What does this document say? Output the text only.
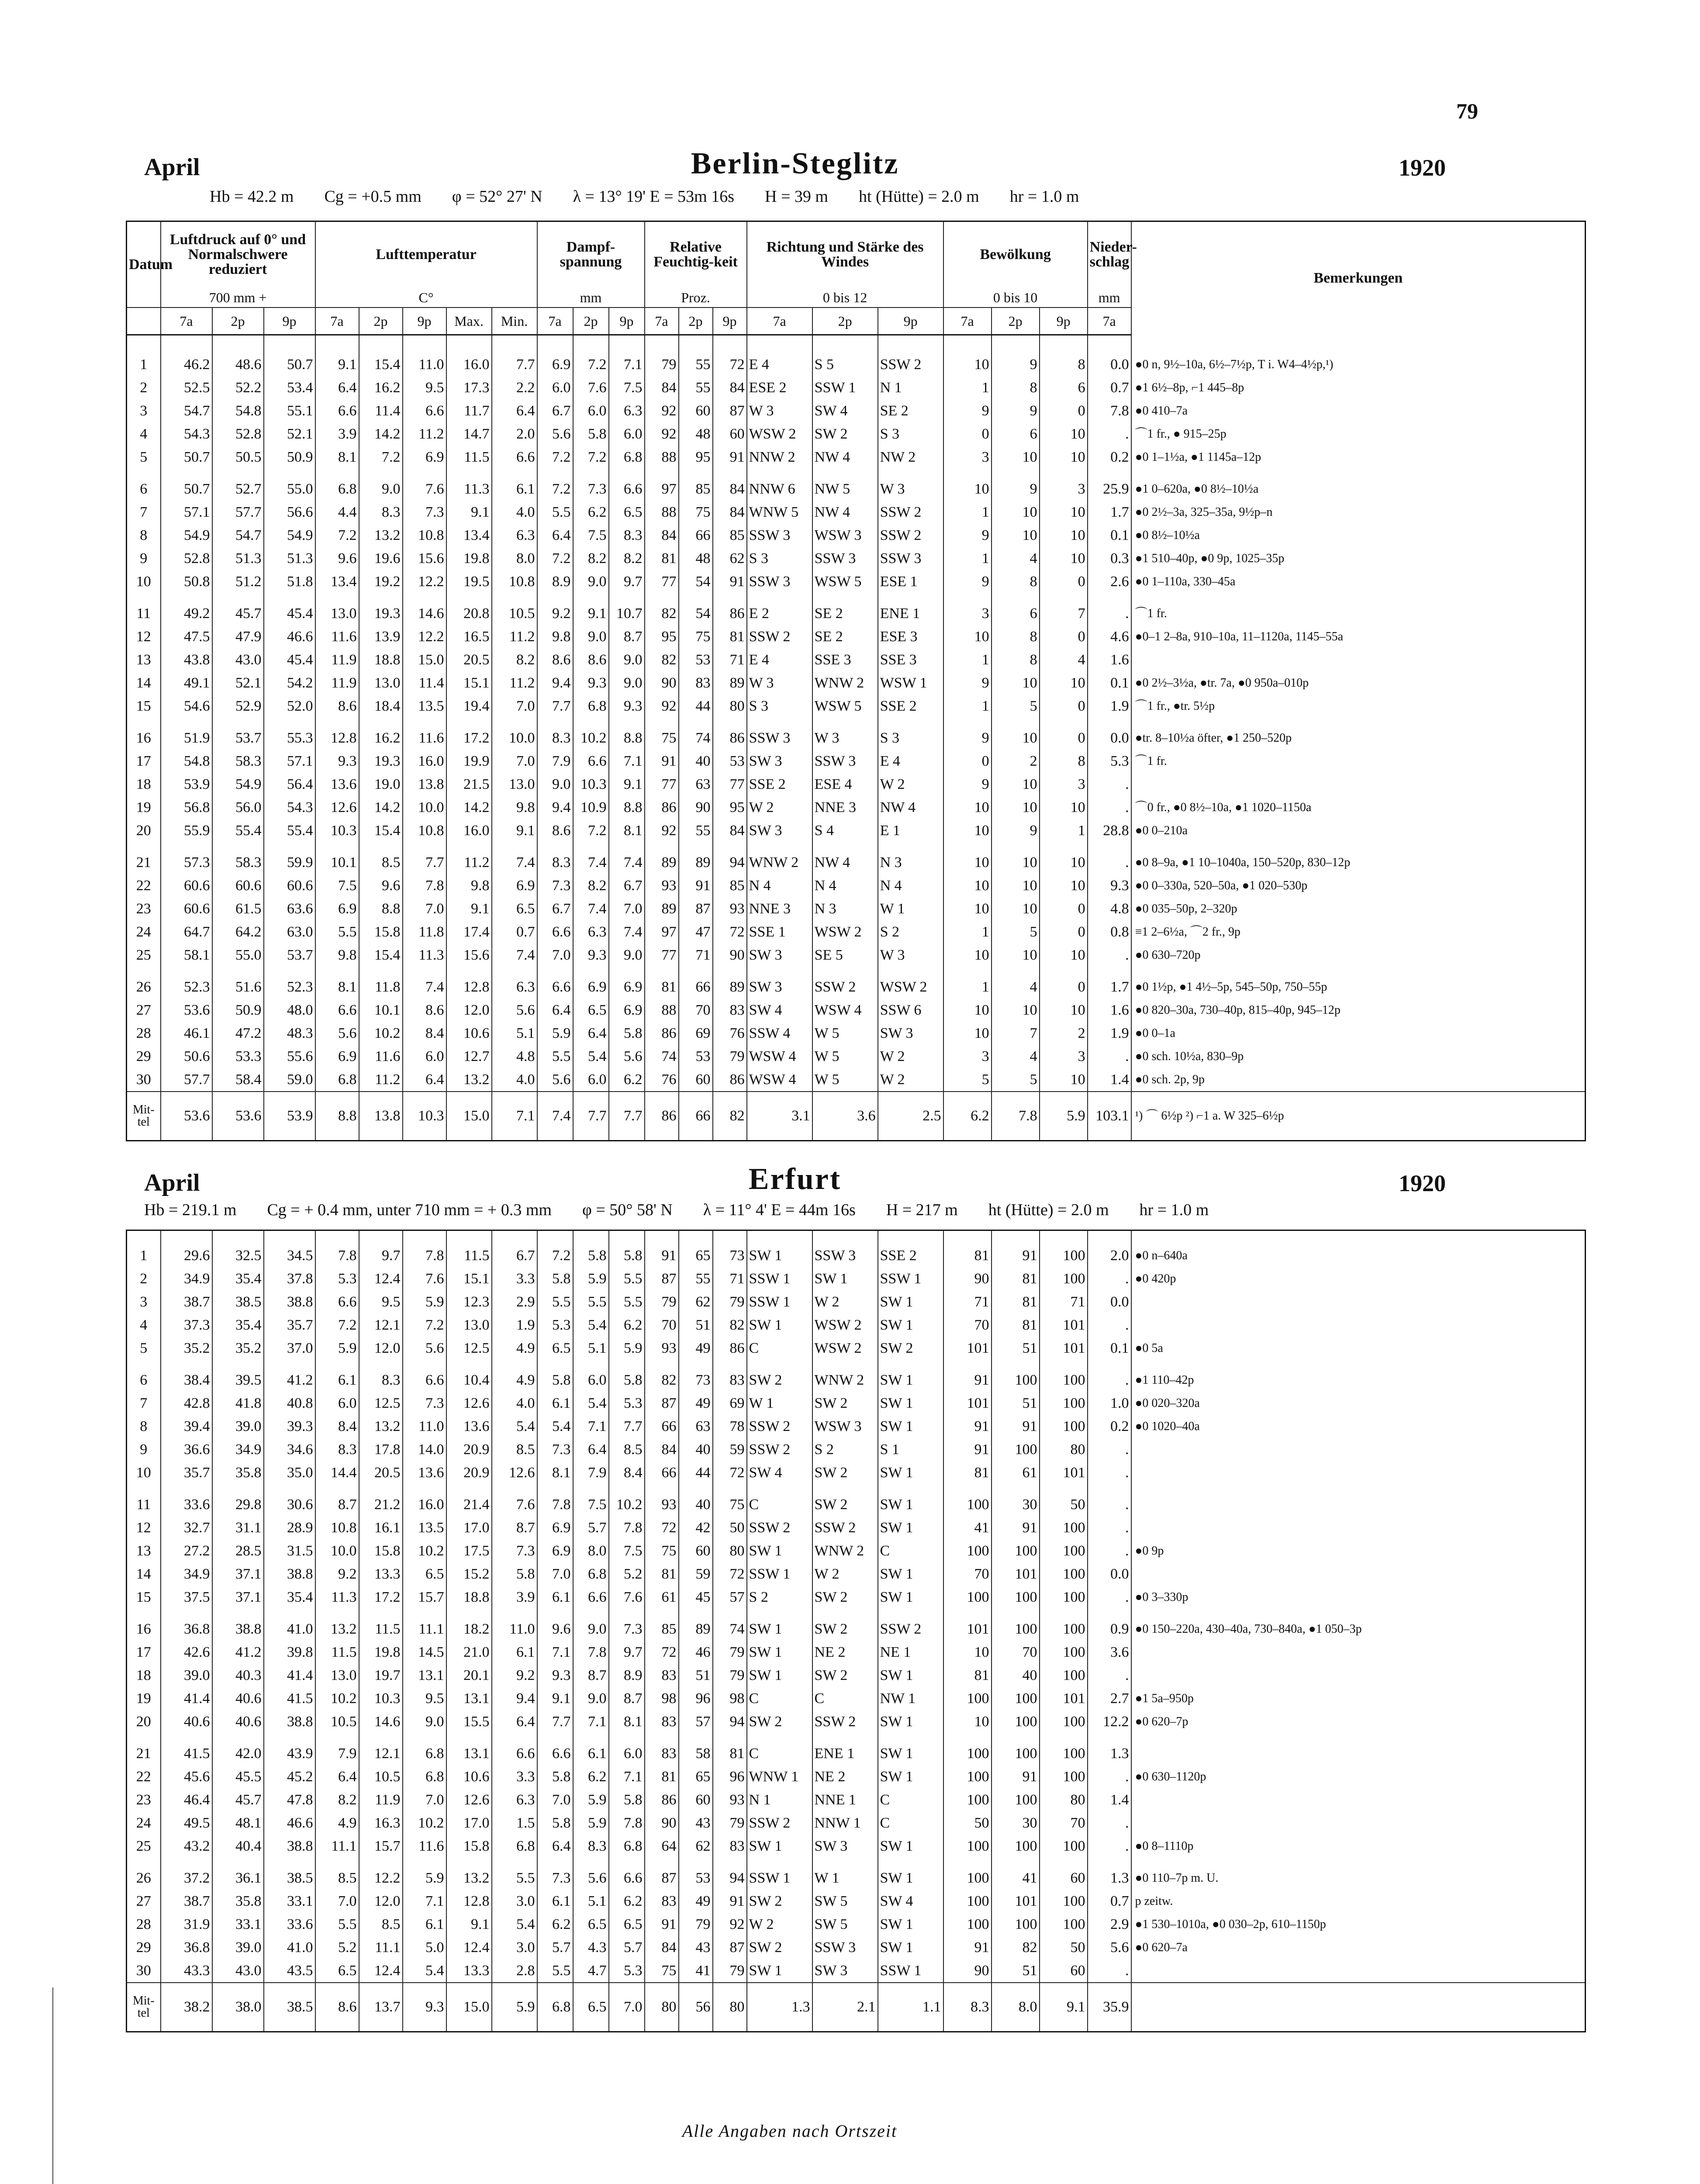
79
April	Berlin-Steglitz	1920
Hb = 42.2 m Cg = +0.5 mm φ = 52° 27' N λ = 13° 19' E = 53m 16s H = 39 m ht (Hütte) = 2.0 m hr = 1.0 m
Datum	Luftdruck auf 0° und Normalschwere reduziert			Lufttemperatur					Dampf-spannung			Relative Feuchtig-keit			Richtung und Stärke des Windes			Bewölkung			Nieder-schlag	Bemerkungen
	700 mm +			C°					mm			Proz.			0 bis 12			0 bis 10			mm	
	7a	2p	9p	7a	2p	9p	Max.	Min.	7a	2p	9p	7a	2p	9p	7a	2p	9p	7a	2p	9p	7a	

1	46.2	48.6	50.7	9.1	15.4	11.0	16.0	7.7	6.9	7.2	7.1	79	55	72	E 4	S 5	SSW 2	10	9	8	0.0	●0 n, 9½–10a, 6½–7½p, T i. W4–4½p,¹)
2	52.5	52.2	53.4	6.4	16.2	9.5	17.3	2.2	6.0	7.6	7.5	84	55	84	ESE 2	SSW 1	N 1	1	8	6	0.7	●1 6½–8p, ⌐1 445–8p
3	54.7	54.8	55.1	6.6	11.4	6.6	11.7	6.4	6.7	6.0	6.3	92	60	87	W 3	SW 4	SE 2	9	9	0	7.8	●0 410–7a
4	54.3	52.8	52.1	3.9	14.2	11.2	14.7	2.0	5.6	5.8	6.0	92	48	60	WSW 2	SW 2	S 3	0	6	10	.	⌒1 fr., ● 915–25p
5	50.7	50.5	50.9	8.1	7.2	6.9	11.5	6.6	7.2	7.2	6.8	88	95	91	NNW 2	NW 4	NW 2	3	10	10	0.2	●0 1–1½a, ●1 1145a–12p

6	50.7	52.7	55.0	6.8	9.0	7.6	11.3	6.1	7.2	7.3	6.6	97	85	84	NNW 6	NW 5	W 3	10	9	3	25.9	●1 0–620a, ●0 8½–10½a
7	57.1	57.7	56.6	4.4	8.3	7.3	9.1	4.0	5.5	6.2	6.5	88	75	84	WNW 5	NW 4	SSW 2	1	10	10	1.7	●0 2½–3a, 325–35a, 9½p–n
8	54.9	54.7	54.9	7.2	13.2	10.8	13.4	6.3	6.4	7.5	8.3	84	66	85	SSW 3	WSW 3	SSW 2	9	10	10	0.1	●0 8½–10½a
9	52.8	51.3	51.3	9.6	19.6	15.6	19.8	8.0	7.2	8.2	8.2	81	48	62	S 3	SSW 3	SSW 3	1	4	10	0.3	●1 510–40p, ●0 9p, 1025–35p
10	50.8	51.2	51.8	13.4	19.2	12.2	19.5	10.8	8.9	9.0	9.7	77	54	91	SSW 3	WSW 5	ESE 1	9	8	0	2.6	●0 1–110a, 330–45a

11	49.2	45.7	45.4	13.0	19.3	14.6	20.8	10.5	9.2	9.1	10.7	82	54	86	E 2	SE 2	ENE 1	3	6	7	.	⌒1 fr.
12	47.5	47.9	46.6	11.6	13.9	12.2	16.5	11.2	9.8	9.0	8.7	95	75	81	SSW 2	SE 2	ESE 3	10	8	0	4.6	●0–1 2–8a, 910–10a, 11–1120a, 1145–55a
13	43.8	43.0	45.4	11.9	18.8	15.0	20.5	8.2	8.6	8.6	9.0	82	53	71	E 4	SSE 3	SSE 3	1	8	4	1.6	
14	49.1	52.1	54.2	11.9	13.0	11.4	15.1	11.2	9.4	9.3	9.0	90	83	89	W 3	WNW 2	WSW 1	9	10	10	0.1	●0 2½–3½a, ●tr. 7a, ●0 950a–010p
15	54.6	52.9	52.0	8.6	18.4	13.5	19.4	7.0	7.7	6.8	9.3	92	44	80	S 3	WSW 5	SSE 2	1	5	0	1.9	⌒1 fr., ●tr. 5½p

16	51.9	53.7	55.3	12.8	16.2	11.6	17.2	10.0	8.3	10.2	8.8	75	74	86	SSW 3	W 3	S 3	9	10	0	0.0	●tr. 8–10½a öfter, ●1 250–520p
17	54.8	58.3	57.1	9.3	19.3	16.0	19.9	7.0	7.9	6.6	7.1	91	40	53	SW 3	SSW 3	E 4	0	2	8	5.3	⌒1 fr.
18	53.9	54.9	56.4	13.6	19.0	13.8	21.5	13.0	9.0	10.3	9.1	77	63	77	SSE 2	ESE 4	W 2	9	10	3	.	
19	56.8	56.0	54.3	12.6	14.2	10.0	14.2	9.8	9.4	10.9	8.8	86	90	95	W 2	NNE 3	NW 4	10	10	10	.	⌒0 fr., ●0 8½–10a, ●1 1020–1150a
20	55.9	55.4	55.4	10.3	15.4	10.8	16.0	9.1	8.6	7.2	8.1	92	55	84	SW 3	S 4	E 1	10	9	1	28.8	●0 0–210a

21	57.3	58.3	59.9	10.1	8.5	7.7	11.2	7.4	8.3	7.4	7.4	89	89	94	WNW 2	NW 4	N 3	10	10	10	.	●0 8–9a, ●1 10–1040a, 150–520p, 830–12p
22	60.6	60.6	60.6	7.5	9.6	7.8	9.8	6.9	7.3	8.2	6.7	93	91	85	N 4	N 4	N 4	10	10	10	9.3	●0 0–330a, 520–50a, ●1 020–530p
23	60.6	61.5	63.6	6.9	8.8	7.0	9.1	6.5	6.7	7.4	7.0	89	87	93	NNE 3	N 3	W 1	10	10	0	4.8	●0 035–50p, 2–320p
24	64.7	64.2	63.0	5.5	15.8	11.8	17.4	0.7	6.6	6.3	7.4	97	47	72	SSE 1	WSW 2	S 2	1	5	0	0.8	≡1 2–6½a, ⌒2 fr., 9p
25	58.1	55.0	53.7	9.8	15.4	11.3	15.6	7.4	7.0	9.3	9.0	77	71	90	SW 3	SE 5	W 3	10	10	10	.	●0 630–720p

26	52.3	51.6	52.3	8.1	11.8	7.4	12.8	6.3	6.6	6.9	6.9	81	66	89	SW 3	SSW 2	WSW 2	1	4	0	1.7	●0 1½p, ●1 4½–5p, 545–50p, 750–55p
27	53.6	50.9	48.0	6.6	10.1	8.6	12.0	5.6	6.4	6.5	6.9	88	70	83	SW 4	WSW 4	SSW 6	10	10	10	1.6	●0 820–30a, 730–40p, 815–40p, 945–12p
28	46.1	47.2	48.3	5.6	10.2	8.4	10.6	5.1	5.9	6.4	5.8	86	69	76	SSW 4	W 5	SW 3	10	7	2	1.9	●0 0–1a
29	50.6	53.3	55.6	6.9	11.6	6.0	12.7	4.8	5.5	5.4	5.6	74	53	79	WSW 4	W 5	W 2	3	4	3	.	●0 sch. 10½a, 830–9p
30	57.7	58.4	59.0	6.8	11.2	6.4	13.2	4.0	5.6	6.0	6.2	76	60	86	WSW 4	W 5	W 2	5	5	10	1.4	●0 sch. 2p, 9p
Mit-tel	53.6	53.6	53.9	8.8	13.8	10.3	15.0	7.1	7.4	7.7	7.7	86	66	82	3.1	3.6	2.5	6.2	7.8	5.9	103.1	¹) ⌒ 6½p ²) ⌐1 a. W 325–6½p
April	Erfurt	1920
Hb = 219.1 m Cg = + 0.4 mm, unter 710 mm = + 0.3 mm φ = 50° 58' N λ = 11° 4' E = 44m 16s H = 217 m ht (Hütte) = 2.0 m hr = 1.0 m

1	29.6	32.5	34.5	7.8	9.7	7.8	11.5	6.7	7.2	5.8	5.8	91	65	73	SW 1	SSW 3	SSE 2	81	91	100	2.0	●0 n–640a
2	34.9	35.4	37.8	5.3	12.4	7.6	15.1	3.3	5.8	5.9	5.5	87	55	71	SSW 1	SW 1	SSW 1	90	81	100	.	●0 420p
3	38.7	38.5	38.8	6.6	9.5	5.9	12.3	2.9	5.5	5.5	5.5	79	62	79	SSW 1	W 2	SW 1	71	81	71	0.0	
4	37.3	35.4	35.7	7.2	12.1	7.2	13.0	1.9	5.3	5.4	6.2	70	51	82	SW 1	WSW 2	SW 1	70	81	101	.	
5	35.2	35.2	37.0	5.9	12.0	5.6	12.5	4.9	6.5	5.1	5.9	93	49	86	C	WSW 2	SW 2	101	51	101	0.1	●0 5a

6	38.4	39.5	41.2	6.1	8.3	6.6	10.4	4.9	5.8	6.0	5.8	82	73	83	SW 2	WNW 2	SW 1	91	100	100	.	●1 110–42p
7	42.8	41.8	40.8	6.0	12.5	7.3	12.6	4.0	6.1	5.4	5.3	87	49	69	W 1	SW 2	SW 1	101	51	100	1.0	●0 020–320a
8	39.4	39.0	39.3	8.4	13.2	11.0	13.6	5.4	5.4	7.1	7.7	66	63	78	SSW 2	WSW 3	SW 1	91	91	100	0.2	●0 1020–40a
9	36.6	34.9	34.6	8.3	17.8	14.0	20.9	8.5	7.3	6.4	8.5	84	40	59	SSW 2	S 2	S 1	91	100	80	.	
10	35.7	35.8	35.0	14.4	20.5	13.6	20.9	12.6	8.1	7.9	8.4	66	44	72	SW 4	SW 2	SW 1	81	61	101	.	

11	33.6	29.8	30.6	8.7	21.2	16.0	21.4	7.6	7.8	7.5	10.2	93	40	75	C	SW 2	SW 1	100	30	50	.	
12	32.7	31.1	28.9	10.8	16.1	13.5	17.0	8.7	6.9	5.7	7.8	72	42	50	SSW 2	SSW 2	SW 1	41	91	100	.	
13	27.2	28.5	31.5	10.0	15.8	10.2	17.5	7.3	6.9	8.0	7.5	75	60	80	SW 1	WNW 2	C	100	100	100	.	●0 9p
14	34.9	37.1	38.8	9.2	13.3	6.5	15.2	5.8	7.0	6.8	5.2	81	59	72	SSW 1	W 2	SW 1	70	101	100	0.0	
15	37.5	37.1	35.4	11.3	17.2	15.7	18.8	3.9	6.1	6.6	7.6	61	45	57	S 2	SW 2	SW 1	100	100	100	.	●0 3–330p

16	36.8	38.8	41.0	13.2	11.5	11.1	18.2	11.0	9.6	9.0	7.3	85	89	74	SW 1	SW 2	SSW 2	101	100	100	0.9	●0 150–220a, 430–40a, 730–840a, ●1 050–3p
17	42.6	41.2	39.8	11.5	19.8	14.5	21.0	6.1	7.1	7.8	9.7	72	46	79	SW 1	NE 2	NE 1	10	70	100	3.6	
18	39.0	40.3	41.4	13.0	19.7	13.1	20.1	9.2	9.3	8.7	8.9	83	51	79	SW 1	SW 2	SW 1	81	40	100	.	
19	41.4	40.6	41.5	10.2	10.3	9.5	13.1	9.4	9.1	9.0	8.7	98	96	98	C	C	NW 1	100	100	101	2.7	●1 5a–950p
20	40.6	40.6	38.8	10.5	14.6	9.0	15.5	6.4	7.7	7.1	8.1	83	57	94	SW 2	SSW 2	SW 1	10	100	100	12.2	●0 620–7p

21	41.5	42.0	43.9	7.9	12.1	6.8	13.1	6.6	6.6	6.1	6.0	83	58	81	C	ENE 1	SW 1	100	100	100	1.3	
22	45.6	45.5	45.2	6.4	10.5	6.8	10.6	3.3	5.8	6.2	7.1	81	65	96	WNW 1	NE 2	SW 1	100	91	100	.	●0 630–1120p
23	46.4	45.7	47.8	8.2	11.9	7.0	12.6	6.3	7.0	5.9	5.8	86	60	93	N 1	NNE 1	C	100	100	80	1.4	
24	49.5	48.1	46.6	4.9	16.3	10.2	17.0	1.5	5.8	5.9	7.8	90	43	79	SSW 2	NNW 1	C	50	30	70	.	
25	43.2	40.4	38.8	11.1	15.7	11.6	15.8	6.8	6.4	8.3	6.8	64	62	83	SW 1	SW 3	SW 1	100	100	100	.	●0 8–1110p

26	37.2	36.1	38.5	8.5	12.2	5.9	13.2	5.5	7.3	5.6	6.6	87	53	94	SSW 1	W 1	SW 1	100	41	60	1.3	●0 110–7p m. U.
27	38.7	35.8	33.1	7.0	12.0	7.1	12.8	3.0	6.1	5.1	6.2	83	49	91	SW 2	SW 5	SW 4	100	101	100	0.7	p zeitw.
28	31.9	33.1	33.6	5.5	8.5	6.1	9.1	5.4	6.2	6.5	6.5	91	79	92	W 2	SW 5	SW 1	100	100	100	2.9	●1 530–1010a, ●0 030–2p, 610–1150p
29	36.8	39.0	41.0	5.2	11.1	5.0	12.4	3.0	5.7	4.3	5.7	84	43	87	SW 2	SSW 3	SW 1	91	82	50	5.6	●0 620–7a
30	43.3	43.0	43.5	6.5	12.4	5.4	13.3	2.8	5.5	4.7	5.3	75	41	79	SW 1	SW 3	SSW 1	90	51	60	.	
Mit-tel	38.2	38.0	38.5	8.6	13.7	9.3	15.0	5.9	6.8	6.5	7.0	80	56	80	1.3	2.1	1.1	8.3	8.0	9.1	35.9	
Alle Angaben nach Ortszeit
